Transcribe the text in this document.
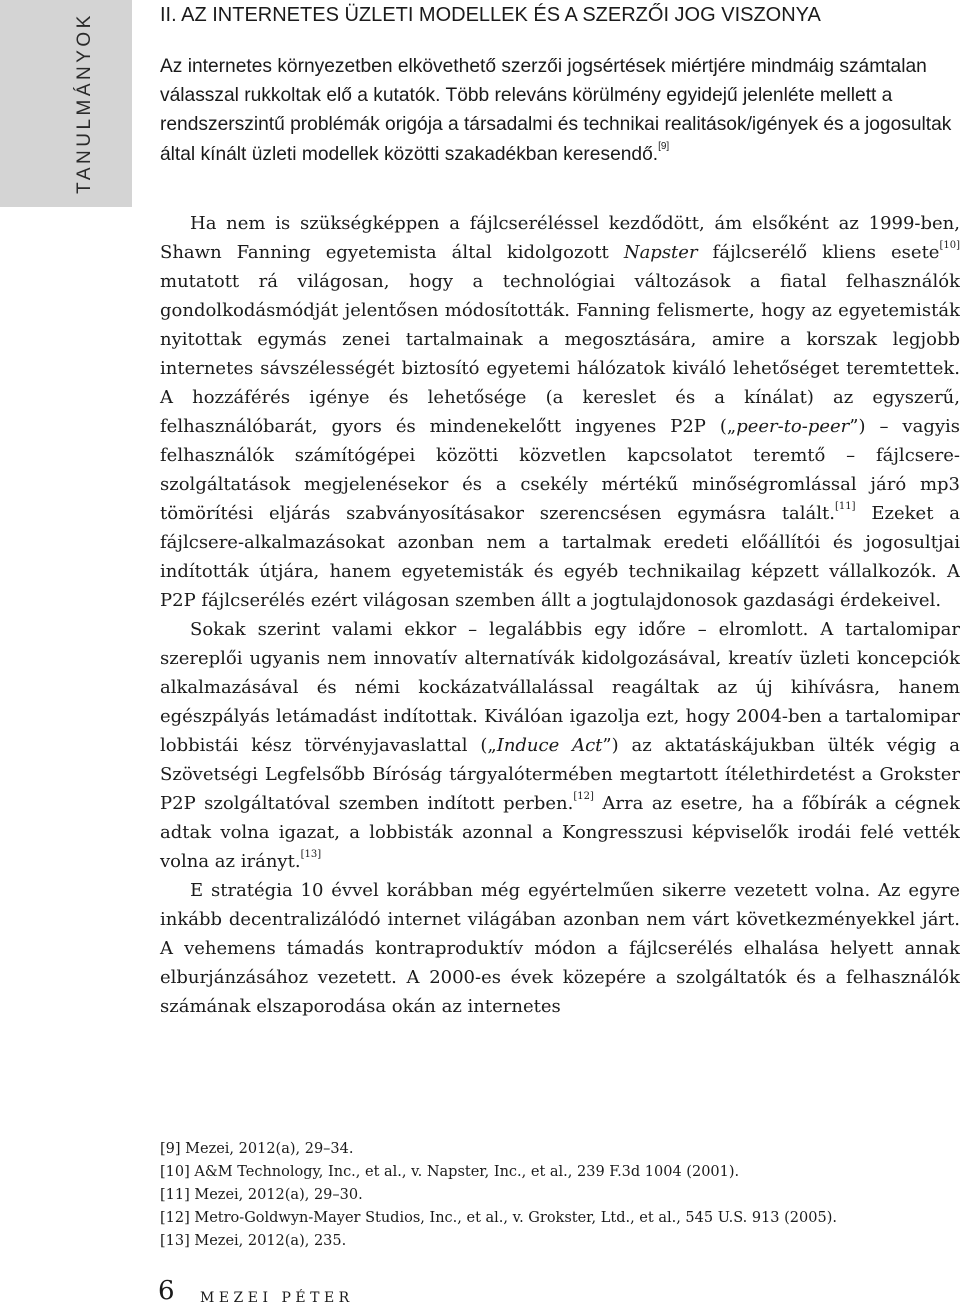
TANULMÁNYOK	II. AZ INTERNETES ÜZLETI MODELLEK ÉS A SZERZŐI JOG VISZONYA

Az internetes környezetben elkövethető szerzői jogsértések miértjére mindmáig számtalan válasszal rukkoltak elő a kutatók. Több releváns körülmény egyidejű jelenléte mellett a rendszerszintű problémák origója a társadalmi és technikai realitások/igények és a jogosultak által kínált üzleti modellek közötti szakadékban keresendő.[9]

Ha nem is szükségképpen a fájlcseréléssel kezdődött, ám elsőként az 1999-ben, Shawn Fanning egyetemista által kidolgozott Napster fájlcserélő kliens esete[10] mutatott rá világosan, hogy a technológiai változások a fiatal felhasználók gondolkodásmódját jelentősen módosították. Fanning felismerte, hogy az egyetemisták nyitottak egymás zenei tartalmainak a megosztására, amire a korszak legjobb internetes sávszélességét biztosító egyetemi hálózatok kiváló lehetőséget teremtettek. A hozzáférés igénye és lehetősége (a kereslet és a kínálat) az egyszerű, felhasználóbarát, gyors és mindenekelőtt ingyenes P2P („peer-to-peer”) – vagyis felhasználók számítógépei közötti közvetlen kapcsolatot teremtő – fájlcsere-szolgáltatások megjelenésekor és a csekély mértékű minőségromlással járó mp3 tömörítési eljárás szabványosításakor szerencsésen egymásra talált.[11] Ezeket a fájlcsere-alkalmazásokat azonban nem a tartalmak eredeti előállítói és jogosultjai indították útjára, hanem egyetemisták és egyéb technikailag képzett vállalkozók. A P2P fájlcserélés ezért világosan szemben állt a jogtulajdonosok gazdasági érdekeivel.

Sokak szerint valami ekkor – legalábbis egy időre – elromlott. A tartalomipar szereplői ugyanis nem innovatív alternatívák kidolgozásával, kreatív üzleti koncepciók alkalmazásával és némi kockázatvállalással reagáltak az új kihívásra, hanem egészpályás letámadást indítottak. Kiválóan igazolja ezt, hogy 2004-ben a tartalomipar lobbistái kész törvényjavaslattal („Induce Act”) az aktatáskájukban ülték végig a Szövetségi Legfelsőbb Bíróság tárgyalótermében megtartott ítélethirdetést a Grokster P2P szolgáltatóval szemben indított perben.[12] Arra az esetre, ha a főbírák a cégnek adtak volna igazat, a lobbisták azonnal a Kongresszusi képviselők irodái felé vették volna az irányt.[13]

E stratégia 10 évvel korábban még egyértelműen sikerre vezetett volna. Az egyre inkább decentralizálódó internet világában azonban nem várt következményekkel járt. A vehemens támadás kontraproduktív módon a fájlcserélés elhalása helyett annak elburjánzásához vezetett. A 2000-es évek közepére a szolgáltatók és a felhasználók számának elszaporodása okán az internetes

[9] Mezei, 2012(a), 29–34.
[10] A&M Technology, Inc., et al., v. Napster, Inc., et al., 239 F.3d 1004 (2001).
[11] Mezei, 2012(a), 29–30.
[12] Metro-Goldwyn-Mayer Studios, Inc., et al., v. Grokster, Ltd., et al., 545 U.S. 913 (2005).
[13] Mezei, 2012(a), 235.
6 MEZEI PÉTER
